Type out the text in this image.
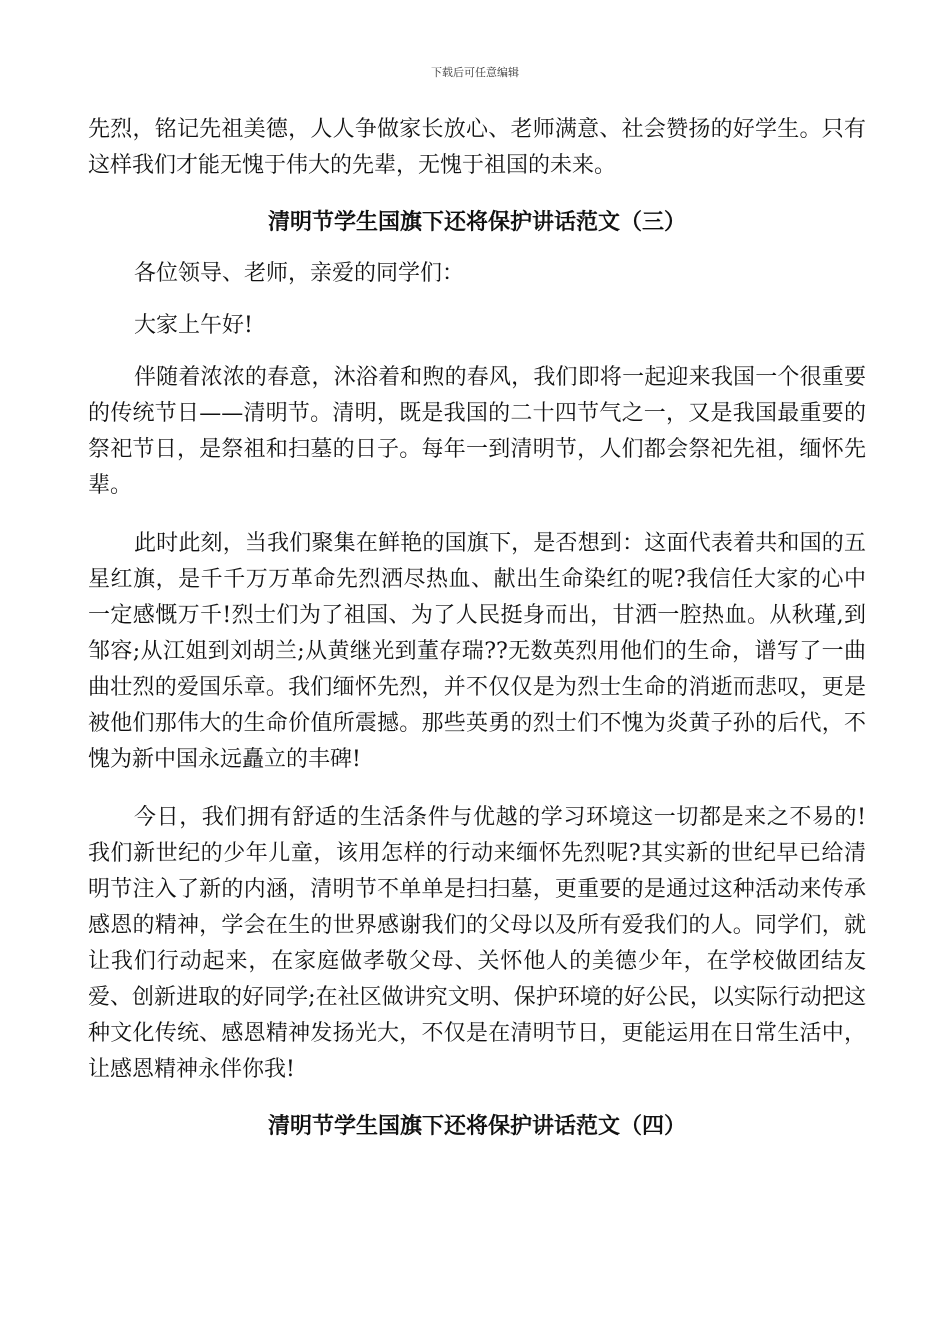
下载后可任意编辑

先烈，铭记先祖美德，人人争做家长放心、老师满意、社会赞扬的好学生。只有这样我们才能无愧于伟大的先辈，无愧于祖国的未来。

清明节学生国旗下还将保护讲话范文（三）

各位领导、老师，亲爱的同学们：

大家上午好!

伴随着浓浓的春意，沐浴着和煦的春风，我们即将一起迎来我国一个很重要的传统节日——清明节。清明，既是我国的二十四节气之一，又是我国最重要的祭祀节日，是祭祖和扫墓的日子。每年一到清明节，人们都会祭祀先祖，缅怀先辈。

此时此刻，当我们聚集在鲜艳的国旗下，是否想到：这面代表着共和国的五星红旗，是千千万万革命先烈洒尽热血、献出生命染红的呢?我信任大家的心中一定感慨万千!烈士们为了祖国、为了人民挺身而出，甘洒一腔热血。从秋瑾,到邹容;从江姐到刘胡兰;从黄继光到董存瑞??无数英烈用他们的生命，谱写了一曲曲壮烈的爱国乐章。我们缅怀先烈，并不仅仅是为烈士生命的消逝而悲叹，更是被他们那伟大的生命价值所震撼。那些英勇的烈士们不愧为炎黄子孙的后代，不愧为新中国永远矗立的丰碑!

今日，我们拥有舒适的生活条件与优越的学习环境这一切都是来之不易的!我们新世纪的少年儿童，该用怎样的行动来缅怀先烈呢?其实新的世纪早已给清明节注入了新的内涵，清明节不单单是扫扫墓，更重要的是通过这种活动来传承感恩的精神，学会在生的世界感谢我们的父母以及所有爱我们的人。同学们，就让我们行动起来，在家庭做孝敬父母、关怀他人的美德少年，在学校做团结友爱、创新进取的好同学;在社区做讲究文明、保护环境的好公民，以实际行动把这种文化传统、感恩精神发扬光大，不仅是在清明节日，更能运用在日常生活中，让感恩精神永伴你我!

清明节学生国旗下还将保护讲话范文（四）
